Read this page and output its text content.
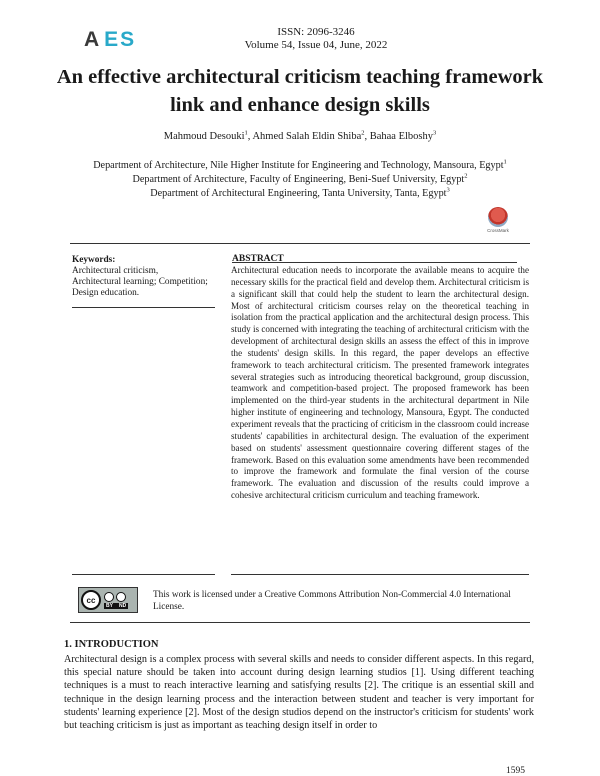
A ES	ISSN: 2096-3246
Volume 54, Issue 04, June, 2022
An effective architectural criticism teaching framework link and enhance design skills
Mahmoud Desouki$^1$, Ahmed Salah Eldin Shiba$^2$, Bahaa Elboshy$^3$
Department of Architecture, Nile Higher Institute for Engineering and Technology, Mansoura, Egypt$^1$
Department of Architecture, Faculty of Engineering, Beni-Suef University, Egypt$^2$
Department of Architectural Engineering, Tanta University, Tanta, Egypt$^3$
CrossMark
Keywords:
Architectural criticism,
Architectural learning; Competition;
Design education.
ABSTRACT

Architectural education needs to incorporate the available means to acquire the necessary skills for the practical field and develop them. Architectural criticism is a significant skill that could help the student to learn the architectural design. Most of architectural criticism courses relay on the theoretical teaching in isolation from the practical application and the architectural design process. This study is concerned with integrating the teaching of architectural criticism with the development of architectural design skills an assess the effect of this in improve the students' design skills. In this regard, the paper develops an effective framework to teach architectural criticism. The presented framework integrates several strategies such as introducing theoretical background, group discussion, teamwork and competition-based project. The proposed framework has been implemented on the third-year students in the architectural department in Nile higher institute of engineering and technology, Mansoura, Egypt. The conducted experiment reveals that the practicing of criticism in the classroom could increase students' capabilities in architectural design. The evaluation of the experiment based on students' assessment questionnaire covering different stages of the framework. Based on this evaluation some amendments have been recommended to improve the framework and formulate the final version of the course framework. The evaluation and discussion of the results could improve a cohesive architectural criticism curriculum and teaching framework.

cc
BY ND
This work is licensed under a Creative Commons Attribution Non-Commercial 4.0 International License.
1. INTRODUCTION

Architectural design is a complex process with several skills and needs to consider different aspects. In this regard, this special nature should be taken into account during design learning studios [1]. Using different teaching techniques is a must to reach interactive learning and satisfying results [2]. The critique is an essential skill and technique in the design learning process and the interaction between student and teacher is very important for students' learning experience [2]. Most of the design studios depend on the instructor's criticism for students' work but teaching criticism is just as important as teaching design itself in order to

1595
